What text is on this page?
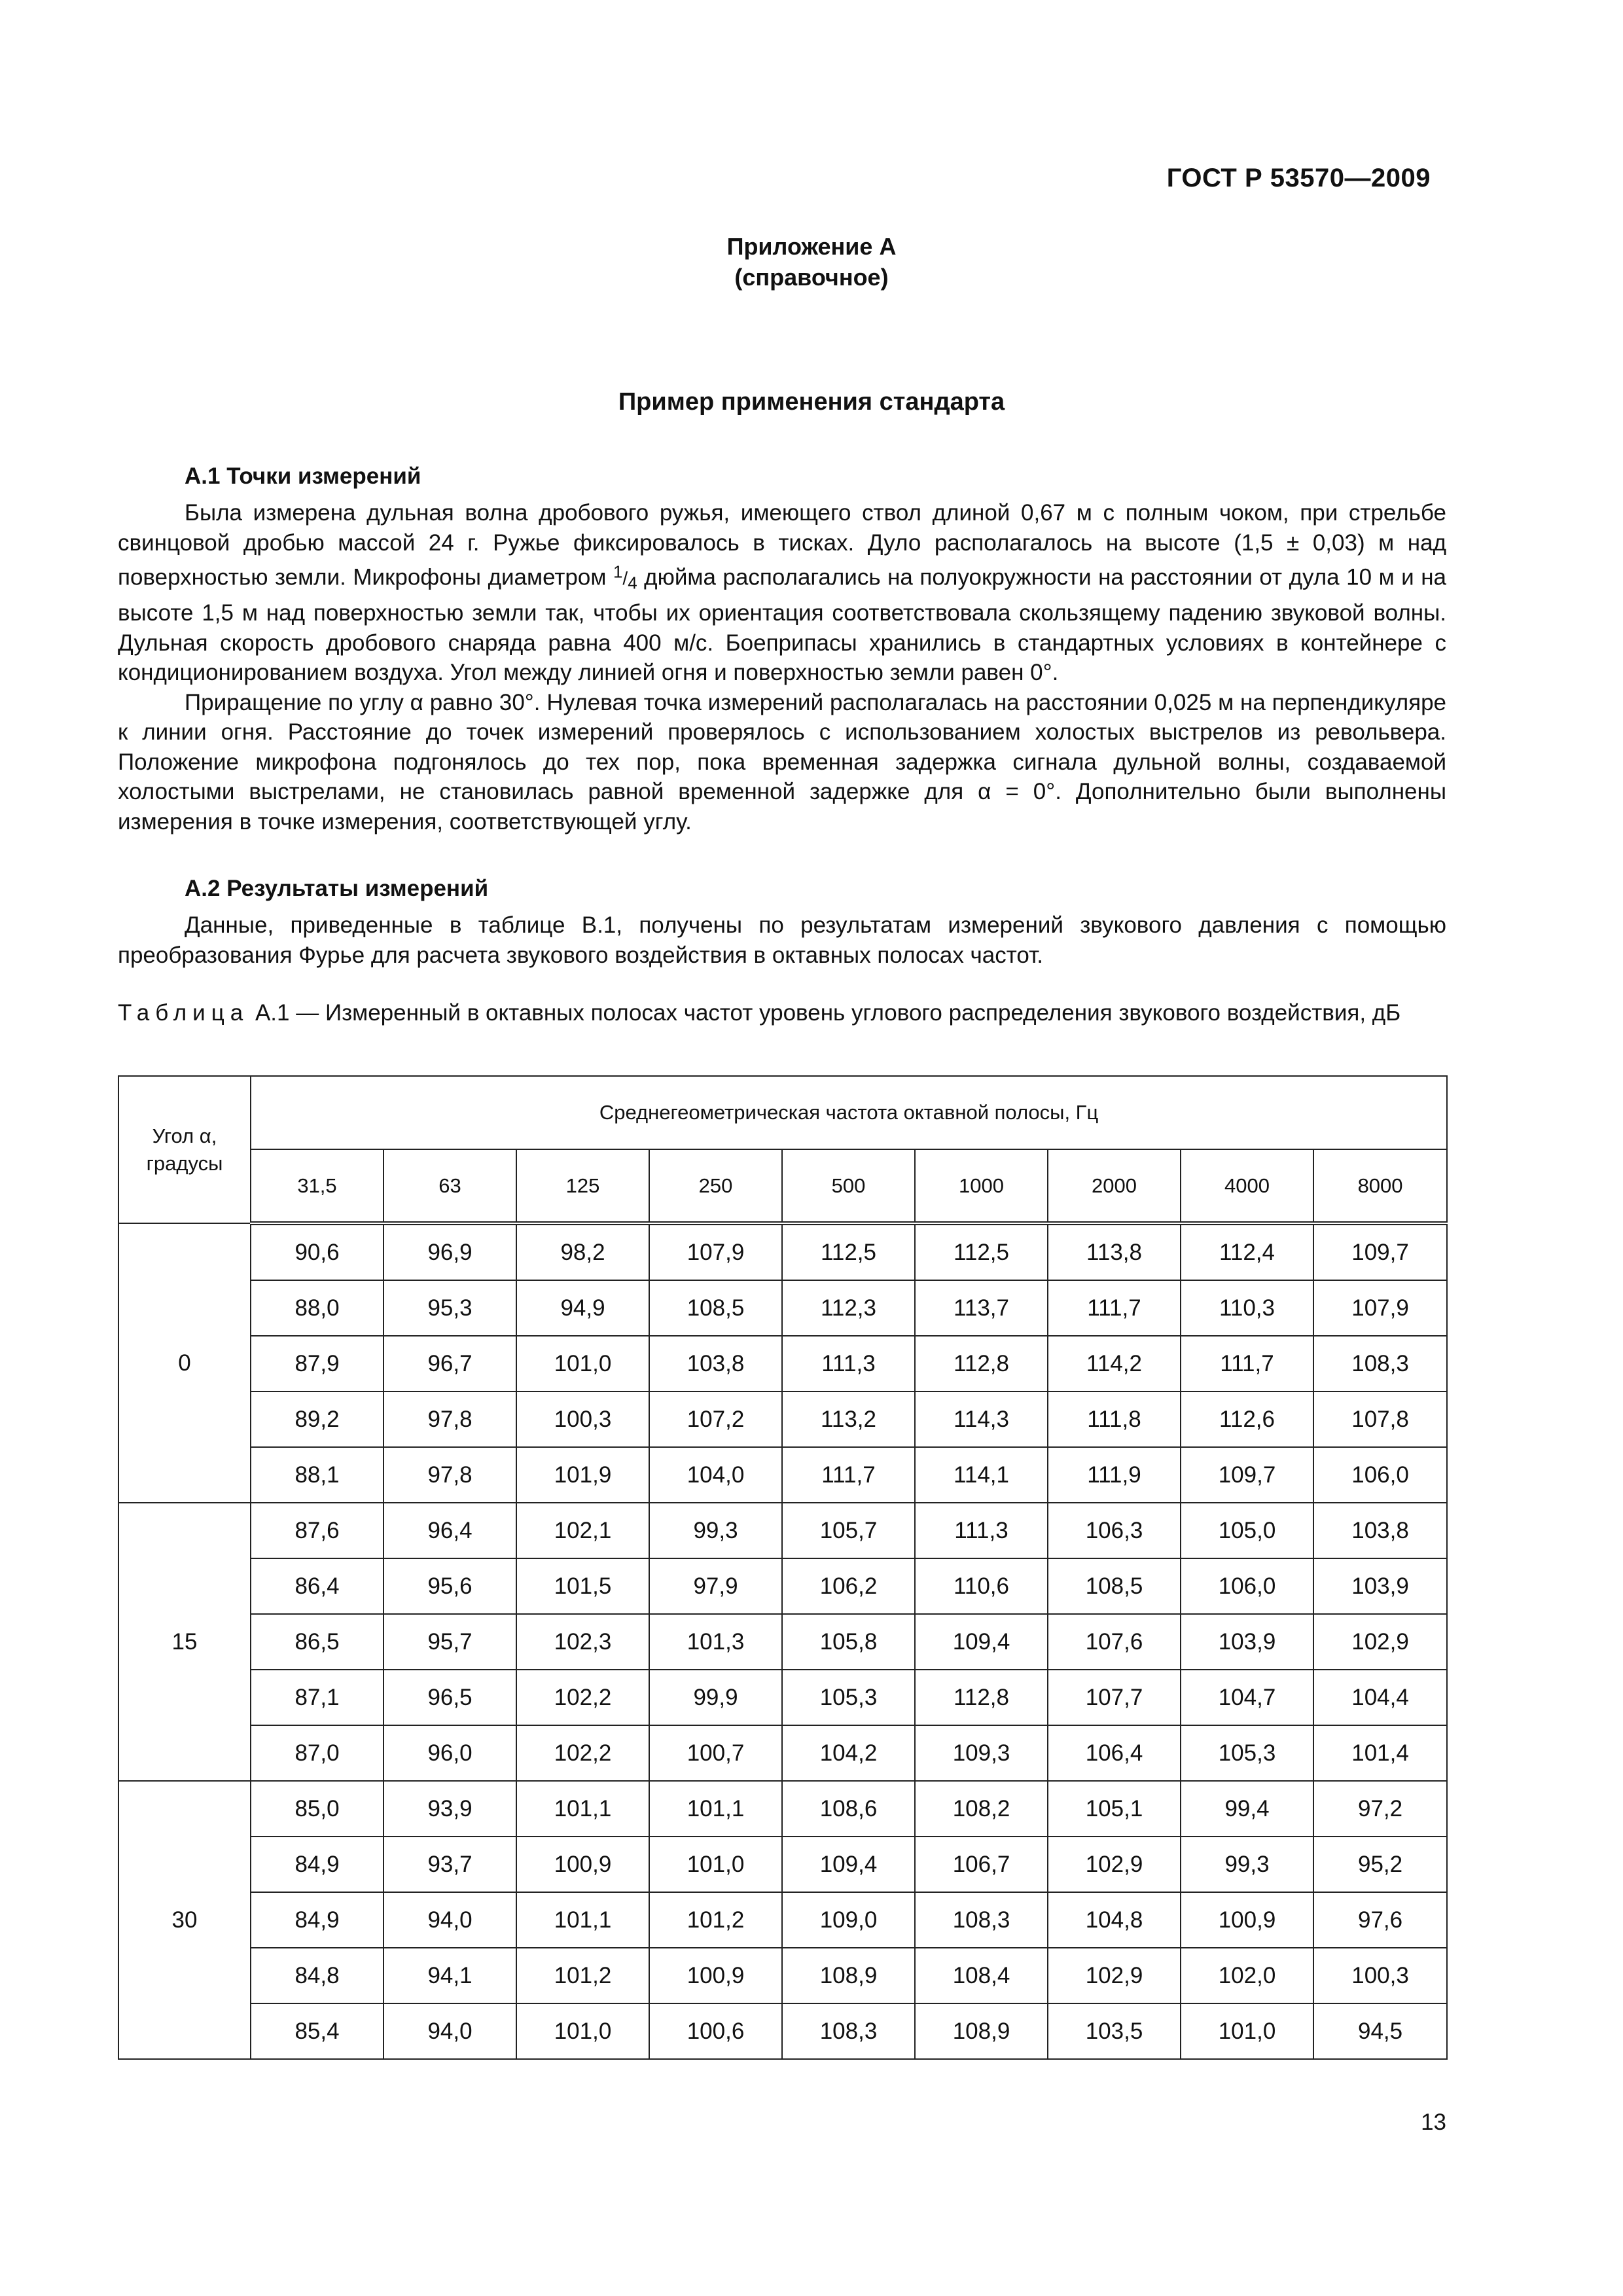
ГОСТ Р 53570—2009
Приложение А
(справочное)
Пример применения стандарта
А.1 Точки измерений

Была измерена дульная волна дробового ружья, имеющего ствол длиной 0,67 м с полным чоком, при стрельбе свинцовой дробью массой 24 г. Ружье фиксировалось в тисках. Дуло располагалось на высоте (1,5 ± 0,03) м над поверхностью земли. Микрофоны диаметром $^1/_4$ дюйма располагались на полуокружности на расстоянии от дула 10 м и на высоте 1,5 м над поверхностью земли так, чтобы их ориентация соответствовала скользящему падению звуковой волны. Дульная скорость дробового снаряда равна 400 м/с. Боеприпасы хранились в стандартных условиях в контейнере с кондиционированием воздуха. Угол между линией огня и поверхностью земли равен 0°.

Приращение по углу α равно 30°. Нулевая точка измерений располагалась на расстоянии 0,025 м на перпендикуляре к линии огня. Расстояние до точек измерений проверялось с использованием холостых выстрелов из револьвера. Положение микрофона подгонялось до тех пор, пока временная задержка сигнала дульной волны, создаваемой холостыми выстрелами, не становилась равной временной задержке для α = 0°. Дополнительно были выполнены измерения в точке измерения, соответствующей углу.

А.2 Результаты измерений

Данные, приведенные в таблице В.1, получены по результатам измерений звукового давления с помощью преобразования Фурье для расчета звукового воздействия в октавных полосах частот.

Таблица А.1 — Измеренный в октавных полосах частот уровень углового распределения звукового воздействия, дБ
Угол α, градусы	Среднегеометрическая частота октавной полосы, Гц								
	31,5	63	125	250	500	1000	2000	4000	8000
0	90,6	96,9	98,2	107,9	112,5	112,5	113,8	112,4	109,7
	88,0	95,3	94,9	108,5	112,3	113,7	111,7	110,3	107,9
	87,9	96,7	101,0	103,8	111,3	112,8	114,2	111,7	108,3
	89,2	97,8	100,3	107,2	113,2	114,3	111,8	112,6	107,8
	88,1	97,8	101,9	104,0	111,7	114,1	111,9	109,7	106,0
15	87,6	96,4	102,1	99,3	105,7	111,3	106,3	105,0	103,8
	86,4	95,6	101,5	97,9	106,2	110,6	108,5	106,0	103,9
	86,5	95,7	102,3	101,3	105,8	109,4	107,6	103,9	102,9
	87,1	96,5	102,2	99,9	105,3	112,8	107,7	104,7	104,4
	87,0	96,0	102,2	100,7	104,2	109,3	106,4	105,3	101,4
30	85,0	93,9	101,1	101,1	108,6	108,2	105,1	99,4	97,2
	84,9	93,7	100,9	101,0	109,4	106,7	102,9	99,3	95,2
	84,9	94,0	101,1	101,2	109,0	108,3	104,8	100,9	97,6
	84,8	94,1	101,2	100,9	108,9	108,4	102,9	102,0	100,3
	85,4	94,0	101,0	100,6	108,3	108,9	103,5	101,0	94,5
13
